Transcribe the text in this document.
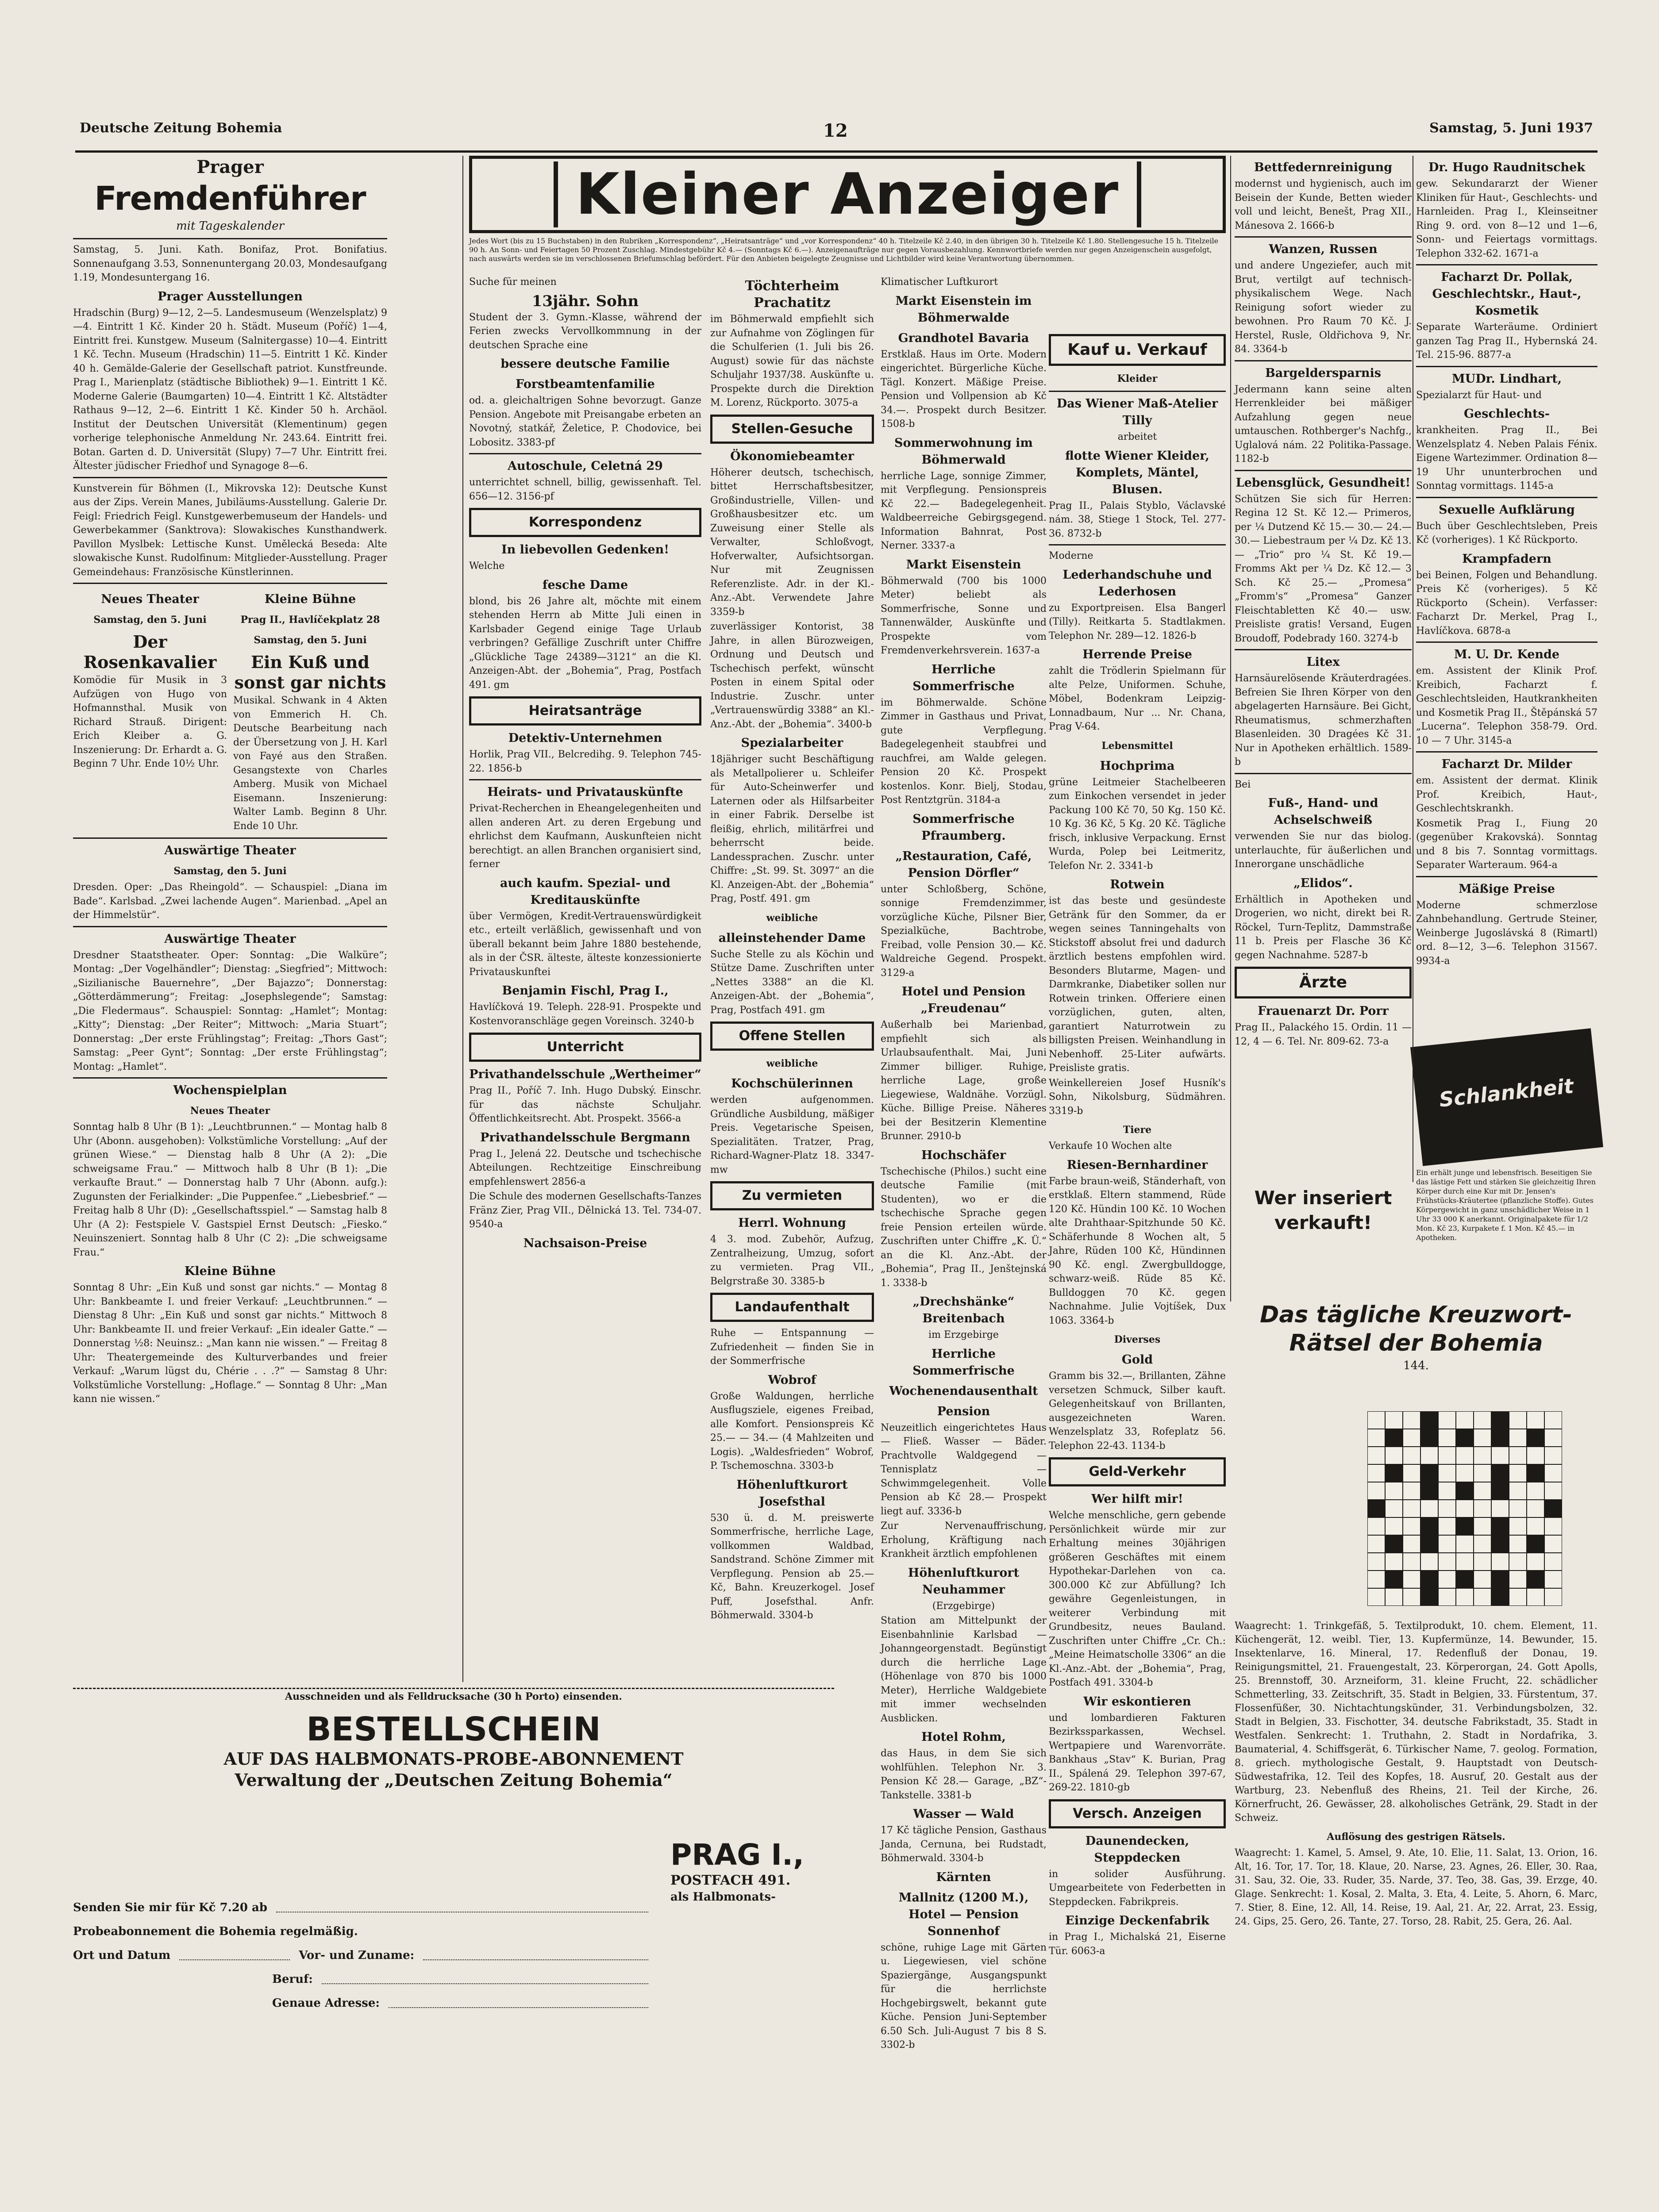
Deutsche Zeitung Bohemia	12	Samstag, 5. Juni 1937
Prager
Fremdenführer
mit Tageskalender

Samstag, 5. Juni. Kath. Bonifaz, Prot. Bonifatius. Sonnenaufgang 3.53, Sonnenuntergang 20.03, Mondesaufgang 1.19, Mondesuntergang 16.

Prager Ausstellungen

Hradschin (Burg) 9—12, 2—5. Landesmuseum (Wenzelsplatz) 9—4. Eintritt 1 Kč. Kinder 20 h. Städt. Museum (Poříč) 1—4, Eintritt frei. Kunstgew. Museum (Salnitergasse) 10—4. Eintritt 1 Kč. Techn. Museum (Hradschin) 11—5. Eintritt 1 Kč. Kinder 40 h. Gemälde-Galerie der Gesellschaft patriot. Kunstfreunde. Prag I., Marienplatz (städtische Bibliothek) 9—1. Eintritt 1 Kč. Moderne Galerie (Baumgarten) 10—4. Eintritt 1 Kč. Altstädter Rathaus 9—12, 2—6. Eintritt 1 Kč. Kinder 50 h. Archäol. Institut der Deutschen Universität (Klementinum) gegen vorherige telephonische Anmeldung Nr. 243.64. Eintritt frei. Botan. Garten d. D. Universität (Slupy) 7—7 Uhr. Eintritt frei. Ältester jüdischer Friedhof und Synagoge 8—6.

Kunstverein für Böhmen (I., Mikrovska 12): Deutsche Kunst aus der Zips. Verein Manes, Jubiläums-Ausstellung. Galerie Dr. Feigl: Friedrich Feigl. Kunstgewerbemuseum der Handels- und Gewerbekammer (Sanktrova): Slowakisches Kunsthandwerk. Pavillon Myslbek: Lettische Kunst. Umělecká Beseda: Alte slowakische Kunst. Rudolfinum: Mitglieder-Ausstellung. Prager Gemeindehaus: Französische Künstlerinnen.

Neues Theater
Samstag, den 5. Juni
Der Rosenkavalier

Komödie für Musik in 3 Aufzügen von Hugo von Hofmannsthal. Musik von Richard Strauß. Dirigent: Erich Kleiber a. G. Inszenierung: Dr. Erhardt a. G. Beginn 7 Uhr. Ende 10½ Uhr.

Kleine Bühne
Prag II., Havlíčekplatz 28
Samstag, den 5. Juni
Ein Kuß und sonst gar nichts

Musikal. Schwank in 4 Akten von Emmerich H. Ch. Deutsche Bearbeitung nach der Übersetzung von J. H. Karl von Fayé aus den Straßen. Gesangstexte von Charles Amberg. Musik von Michael Eisemann. Inszenierung: Walter Lamb. Beginn 8 Uhr. Ende 10 Uhr.

Auswärtige Theater
Samstag, den 5. Juni

Dresden. Oper: „Das Rheingold“. — Schauspiel: „Diana im Bade“. Karlsbad. „Zwei lachende Augen“. Marienbad. „Apel an der Himmelstür“.

Auswärtige Theater

Dresdner Staatstheater. Oper: Sonntag: „Die Walküre“; Montag: „Der Vogelhändler“; Dienstag: „Siegfried“; Mittwoch: „Sizilianische Bauernehre“, „Der Bajazzo“; Donnerstag: „Götterdämmerung“; Freitag: „Josephslegende“; Samstag: „Die Fledermaus“. Schauspiel: Sonntag: „Hamlet“; Montag: „Kitty“; Dienstag: „Der Reiter“; Mittwoch: „Maria Stuart“; Donnerstag: „Der erste Frühlingstag“; Freitag: „Thors Gast“; Samstag: „Peer Gynt“; Sonntag: „Der erste Frühlingstag“; Montag: „Hamlet“.

Wochenspielplan
Neues Theater

Sonntag halb 8 Uhr (B 1): „Leuchtbrunnen.“ — Montag halb 8 Uhr (Abonn. ausgehoben): Volkstümliche Vorstellung: „Auf der grünen Wiese.“ — Dienstag halb 8 Uhr (A 2): „Die schweigsame Frau.“ — Mittwoch halb 8 Uhr (B 1): „Die verkaufte Braut.“ — Donnerstag halb 7 Uhr (Abonn. aufg.): Zugunsten der Ferialkinder: „Die Puppenfee.“ „Liebesbrief.“ — Freitag halb 8 Uhr (D): „Gesellschaftsspiel.“ — Samstag halb 8 Uhr (A 2): Festspiele V. Gastspiel Ernst Deutsch: „Fiesko.“ Neuinszeniert. Sonntag halb 8 Uhr (C 2): „Die schweigsame Frau.“

Kleine Bühne

Sonntag 8 Uhr: „Ein Kuß und sonst gar nichts.“ — Montag 8 Uhr: Bankbeamte I. und freier Verkauf: „Leuchtbrunnen.“ — Dienstag 8 Uhr: „Ein Kuß und sonst gar nichts.“ Mittwoch 8 Uhr: Bankbeamte II. und freier Verkauf: „Ein idealer Gatte.“ — Donnerstag ½8: Neuinsz.: „Man kann nie wissen.“ — Freitag 8 Uhr: Theatergemeinde des Kulturverbandes und freier Verkauf: „Warum lügst du, Chérie . . .?“ — Samstag 8 Uhr: Volkstümliche Vorstellung: „Hoflage.“ — Sonntag 8 Uhr: „Man kann nie wissen.“

Kleiner Anzeiger
Jedes Wort (bis zu 15 Buchstaben) in den Rubriken „Korrespondenz“, „Heiratsanträge“ und „vor Korrespondenz“ 40 h. Titelzeile Kč 2.40, in den übrigen 30 h. Titelzeile Kč 1.80. Stellengesuche 15 h. Titelzeile 90 h. An Sonn- und Feiertagen 50 Prozent Zuschlag. Mindestgebühr Kč 4.— (Sonntags Kč 6.—). Anzeigenaufträge nur gegen Vorausbezahlung. Kennwortbriefe werden nur gegen Anzeigenschein ausgefolgt, nach auswärts werden sie im verschlossenen Briefumschlag befördert. Für den Anbieten beigelegte Zeugnisse und Lichtbilder wird keine Verantwortung übernommen.

Suche für meinen

13jähr. Sohn

Student der 3. Gymn.-Klasse, während der Ferien zwecks Vervollkommnung in der deutschen Sprache eine

bessere deutsche Familie
Forstbeamtenfamilie

od. a. gleichaltrigen Sohne bevorzugt. Ganze Pension. Angebote mit Preisangabe erbeten an Novotný, statkář, Želetice, P. Chodovice, bei Lobositz. 3383-pf

Autoschule, Celetná 29

unterrichtet schnell, billig, gewissenhaft. Tel. 656—12. 3156-pf

Korrespondenz
In liebevollen Gedenken!

Welche

fesche Dame

blond, bis 26 Jahre alt, möchte mit einem stehenden Herrn ab Mitte Juli einen in Karlsbader Gegend einige Tage Urlaub verbringen? Gefällige Zuschrift unter Chiffre „Glückliche Tage 24389—3121“ an die Kl. Anzeigen-Abt. der „Bohemia“, Prag, Postfach 491. gm

Heiratsanträge
Detektiv-Unternehmen

Horlik, Prag VII., Belcredihg. 9. Telephon 745-22. 1856-b

Heirats- und Privatauskünfte

Privat-Recherchen in Eheangelegenheiten und allen anderen Art. zu deren Ergebung und ehrlichst dem Kaufmann, Auskunfteien nicht berechtigt. an allen Branchen organisiert sind, ferner

auch kaufm. Spezial- und Kreditauskünfte

über Vermögen, Kredit-Vertrauenswürdigkeit etc., erteilt verläßlich, gewissenhaft und von überall bekannt beim Jahre 1880 bestehende, als in der ČSR. älteste, älteste konzessionierte Privatauskunftei

Benjamin Fischl, Prag I.,

Havlíčková 19. Teleph. 228-91. Prospekte und Kostenvoranschläge gegen Voreinsch. 3240-b

Unterricht
Privathandelsschule „Wertheimer“

Prag II., Poříč 7. Inh. Hugo Dubský. Einschr. für das nächste Schuljahr. Öffentlichkeitsrecht. Abt. Prospekt. 3566-a

Privathandelsschule Bergmann

Prag I., Jelená 22. Deutsche und tschechische Abteilungen. Rechtzeitige Einschreibung empfehlenswert 2856-a

Die Schule des modernen Gesellschafts-Tanzes Fränz Zier, Prag VII., Dělnická 13. Tel. 734-07. 9540-a

Nachsaison-Preise
Töchterheim Prachatitz

im Böhmerwald empfiehlt sich zur Aufnahme von Zöglingen für die Schulferien (1. Juli bis 26. August) sowie für das nächste Schuljahr 1937/38. Auskünfte u. Prospekte durch die Direktion M. Lorenz, Rückporto. 3075-a

Stellen-Gesuche
Ökonomiebeamter

Höherer deutsch, tschechisch, bittet Herrschaftsbesitzer, Großindustrielle, Villen- und Großhausbesitzer etc. um Zuweisung einer Stelle als Verwalter, Schloßvogt, Hofverwalter, Aufsichtsorgan. Nur mit Zeugnissen Referenzliste. Adr. in der Kl.-Anz.-Abt. Verwendete Jahre 3359-b

zuverlässiger Kontorist, 38 Jahre, in allen Bürozweigen, Ordnung und Deutsch und Tschechisch perfekt, wünscht Posten in einem Spital oder Industrie. Zuschr. unter „Vertrauenswürdig 3388“ an Kl.-Anz.-Abt. der „Bohemia“. 3400-b

Spezialarbeiter

18jähriger sucht Beschäftigung als Metallpolierer u. Schleifer für Auto-Scheinwerfer und Laternen oder als Hilfsarbeiter in einer Fabrik. Derselbe ist fleißig, ehrlich, militärfrei und beherrscht beide. Landessprachen. Zuschr. unter Chiffre: „St. 99. St. 3097“ an die Kl. Anzeigen-Abt. der „Bohemia“ Prag, Postf. 491. gm

weibliche
alleinstehender Dame

Suche Stelle zu als Köchin und Stütze Dame. Zuschriften unter „Nettes 3388“ an die Kl. Anzeigen-Abt. der „Bohemia“, Prag, Postfach 491. gm

Offene Stellen
weibliche
Kochschülerinnen

werden aufgenommen. Gründliche Ausbildung, mäßiger Preis. Vegetarische Speisen, Spezialitäten. Tratzer, Prag, Richard-Wagner-Platz 18. 3347-mw

Zu vermieten
Herrl. Wohnung

4 3. mod. Zubehör, Aufzug, Zentralheizung, Umzug, sofort zu vermieten. Prag VII., Belgrstraße 30. 3385-b

Landaufenthalt

Ruhe — Entspannung — Zufriedenheit — finden Sie in der Sommerfrische

Wobrof

Große Waldungen, herrliche Ausflugsziele, eigenes Freibad, alle Komfort. Pensionspreis Kč 25.— — 34.— (4 Mahlzeiten und Logis). „Waldesfrieden“ Wobrof, P. Tschemoschna. 3303-b

Höhenluftkurort Josefsthal

530 ü. d. M. preiswerte Sommerfrische, herrliche Lage, vollkommen Waldbad, Sandstrand. Schöne Zimmer mit Verpflegung. Pension ab 25.— Kč, Bahn. Kreuzerkogel. Josef Puff, Josefsthal. Anfr. Böhmerwald. 3304-b

Klimatischer Luftkurort

Markt Eisenstein im Böhmerwalde
Grandhotel Bavaria

Erstklaß. Haus im Orte. Modern eingerichtet. Bürgerliche Küche. Tägl. Konzert. Mäßige Preise. Pension und Vollpension ab Kč 34.—. Prospekt durch Besitzer. 1508-b

Sommerwohnung im Böhmerwald

herrliche Lage, sonnige Zimmer, mit Verpflegung. Pensionspreis Kč 22.— Badegelegenheit. Waldbeerreiche Gebirgsgegend. Information Bahnrat, Post Nerner. 3337-a

Markt Eisenstein

Böhmerwald (700 bis 1000 Meter) beliebt als Sommerfrische, Sonne und Tannenwälder, Auskünfte und Prospekte vom Fremdenverkehrsverein. 1637-a

Herrliche Sommerfrische

im Böhmerwalde. Schöne Zimmer in Gasthaus und Privat, gute Verpflegung. Badegelegenheit staubfrei und rauchfrei, am Walde gelegen. Pension 20 Kč. Prospekt kostenlos. Konr. Bielj, Stodau, Post Rentztgrün. 3184-a

Sommerfrische Pfraumberg.
„Restauration, Café, Pension Dörfler“

unter Schloßberg, Schöne, sonnige Fremdenzimmer, vorzügliche Küche, Pilsner Bier, Spezialküche, Bachtrobe, Freibad, volle Pension 30.— Kč. Waldreiche Gegend. Prospekt. 3129-a

Hotel und Pension „Freudenau“

Außerhalb bei Marienbad, empfiehlt sich als Urlaubsaufenthalt. Mai, Juni Zimmer billiger. Ruhige, herrliche Lage, große Liegewiese, Waldnähe. Vorzügl. Küche. Billige Preise. Näheres bei der Besitzerin Klementine Brunner. 2910-b

Hochschäfer

Tschechische (Philos.) sucht eine deutsche Familie (mit Studenten), wo er die tschechische Sprache gegen freie Pension erteilen würde. Zuschriften unter Chiffre „K. Ü.“ an die Kl. Anz.-Abt. der „Bohemia“, Prag II., Jenštejnská 1. 3338-b

„Drechshänke“ Breitenbach

im Erzgebirge

Herrliche Sommerfrische
Wochenendausenthalt
Pension

Neuzeitlich eingerichtetes Haus — Fließ. Wasser — Bäder. Prachtvolle Waldgegend — Tennisplatz — Schwimmgelegenheit. Volle Pension ab Kč 28.— Prospekt liegt auf. 3336-b

Zur Nervenauffrischung, Erholung, Kräftigung nach Krankheit ärztlich empfohlenen

Höhenluftkurort Neuhammer

(Erzgebirge)

Station am Mittelpunkt der Eisenbahnlinie Karlsbad — Johanngeorgenstadt. Begünstigt durch die herrliche Lage (Höhenlage von 870 bis 1000 Meter), Herrliche Waldgebiete mit immer wechselnden Ausblicken.

Hotel Rohm,

das Haus, in dem Sie sich wohlfühlen. Telephon Nr. 3. Pension Kč 28.— Garage, „BZ“-Tankstelle. 3381-b

Wasser — Wald

17 Kč tägliche Pension, Gasthaus Janda, Cernuna, bei Rudstadt, Böhmerwald. 3304-b

Kärnten
Mallnitz (1200 M.), Hotel — Pension Sonnenhof

schöne, ruhige Lage mit Gärten u. Liegewiesen, viel schöne Spaziergänge, Ausgangspunkt für die herrlichste Hochgebirgswelt, bekannt gute Küche. Pension Juni-September 6.50 Sch. Juli-August 7 bis 8 S. 3302-b

Kauf u. Verkauf
Kleider
Das Wiener Maß-Atelier Tilly

arbeitet

flotte Wiener Kleider, Komplets, Mäntel, Blusen.

Prag II., Palais Styblo, Václavské nám. 38, Stiege 1 Stock, Tel. 277-36. 8732-b

Moderne

Lederhandschuhe und Lederhosen

zu Exportpreisen. Elsa Bangerl (Tilly). Reitkarta 5. Stadtlakmen. Telephon Nr. 289—12. 1826-b

Herrende Preise

zahlt die Trödlerin Spielmann für alte Pelze, Uniformen. Schuhe, Möbel, Bodenkram Leipzig-Lonnadbaum, Nur ... Nr. Chana, Prag V-64.

Lebensmittel
Hochprima

grüne Leitmeier Stachelbeeren zum Einkochen versendet in jeder Packung 100 Kč 70, 50 Kg. 150 Kč. 10 Kg. 36 Kč, 5 Kg. 20 Kč. Tägliche frisch, inklusive Verpackung. Ernst Wurda, Polep bei Leitmeritz, Telefon Nr. 2. 3341-b

Rotwein

ist das beste und gesündeste Getränk für den Sommer, da er wegen seines Tanningehalts von Stickstoff absolut frei und dadurch ärztlich bestens empfohlen wird. Besonders Blutarme, Magen- und Darmkranke, Diabetiker sollen nur Rotwein trinken. Offeriere einen vorzüglichen, guten, alten, garantiert Naturrotwein zu billigsten Preisen. Weinhandlung in Nebenhoff. 25-Liter aufwärts. Preisliste gratis.

Weinkellereien Josef Husník's Sohn, Nikolsburg, Südmähren. 3319-b

Tiere

Verkaufe 10 Wochen alte

Riesen-Bernhardiner

Farbe braun-weiß, Ständerhaft, von erstklaß. Eltern stammend, Rüde 120 Kč. Hündin 100 Kč. 10 Wochen alte Drahthaar-Spitzhunde 50 Kč. Schäferhunde 8 Wochen alt, 5 Jahre, Rüden 100 Kč, Hündinnen 90 Kč. engl. Zwergbulldogge, schwarz-weiß. Rüde 85 Kč. Bulldoggen 70 Kč. gegen Nachnahme. Julie Vojtíšek, Dux 1063. 3364-b

Diverses
Gold

Gramm bis 32.—, Brillanten, Zähne versetzen Schmuck, Silber kauft. Gelegenheitskauf von Brillanten, ausgezeichneten Waren. Wenzelsplatz 33, Rofeplatz 56. Telephon 22-43. 1134-b

Geld-Verkehr
Wer hilft mir!

Welche menschliche, gern gebende Persönlichkeit würde mir zur Erhaltung meines 30jährigen größeren Geschäftes mit einem Hypothekar-Darlehen von ca. 300.000 Kč zur Abfüllung? Ich gewähre Gegenleistungen, in weiterer Verbindung mit Grundbesitz, neues Bauland. Zuschriften unter Chiffre „Cr. Ch.: „Meine Heimatscholle 3306“ an die Kl.-Anz.-Abt. der „Bohemia“, Prag, Postfach 491. 3304-b

Wir eskontieren

und lombardieren Fakturen Bezirkssparkassen, Wechsel. Wertpapiere und Warenvorräte. Bankhaus „Stav“ K. Burian, Prag II., Spálená 29. Telephon 397-67, 269-22. 1810-gb

Versch. Anzeigen
Daunendecken, Steppdecken

in solider Ausführung. Umgearbeitete von Federbetten in Steppdecken. Fabrikpreis.

Einzige Deckenfabrik

in Prag I., Michalská 21, Eiserne Tür. 6063-a

Bettfedernreinigung

modernst und hygienisch, auch im Beisein der Kunde, Betten wieder voll und leicht, Benešt, Prag XII., Mánesova 2. 1666-b

Wanzen, Russen

und andere Ungeziefer, auch mit Brut, vertilgt auf technisch-physikalischem Wege. Nach Reinigung sofort wieder zu bewohnen. Pro Raum 70 Kč. J. Herstel, Rusle, Oldřichova 9, Nr. 84. 3364-b

Bargeldersparnis

Jedermann kann seine alten Herrenkleider bei mäßiger Aufzahlung gegen neue umtauschen. Rothberger's Nachfg., Uglalová nám. 22 Politika-Passage. 1182-b

Lebensglück, Gesundheit!

Schützen Sie sich für Herren: Regina 12 St. Kč 12.— Primeros, per ¼ Dutzend Kč 15.— 30.— 24.— 30.— Liebestraum per ¼ Dz. Kč 13.— „Trio“ pro ¼ St. Kč 19.— Fromms Akt per ¼ Dz. Kč 12.— 3 Sch. Kč 25.— „Promesa“ „Fromm's“ „Promesa“ Ganzer Fleischtabletten Kč 40.— usw. Preisliste gratis! Versand, Eugen Broudoff, Podebrady 160. 3274-b

Litex

Harnsäurelösende Kräuterdragées. Befreien Sie Ihren Körper von den abgelagerten Harnsäure. Bei Gicht, Rheumatismus, schmerzhaften Blasenleiden. 30 Dragées Kč 31. Nur in Apotheken erhältlich. 1589-b

Bei

Fuß-, Hand- und Achselschweiß

verwenden Sie nur das biolog. unterlauchte, für äußerlichen und Innerorgane unschädliche

„Elidos“.

Erhältlich in Apotheken und Drogerien, wo nicht, direkt bei R. Röckel, Turn-Teplitz, Dammstraße 11 b. Preis per Flasche 36 Kč gegen Nachnahme. 5287-b

Ärzte
Frauenarzt Dr. Porr

Prag II., Palackého 15. Ordin. 11 — 12, 4 — 6. Tel. Nr. 809-62. 73-a

Wer inseriert
verkauft!
Dr. Hugo Raudnitschek

gew. Sekundararzt der Wiener Kliniken für Haut-, Geschlechts- und Harnleiden. Prag I., Kleinseitner Ring 9. ord. von 8—12 und 1—6, Sonn- und Feiertags vormittags. Telephon 332-62. 1671-a

Facharzt Dr. Pollak, Geschlechtskr., Haut-, Kosmetik

Separate Warteräume. Ordiniert ganzen Tag Prag II., Hybernská 24. Tel. 215-96. 8877-a

MUDr. Lindhart,

Spezialarzt für Haut- und

Geschlechts-

krankheiten. Prag II., Bei Wenzelsplatz 4. Neben Palais Fénix. Eigene Wartezimmer. Ordination 8—19 Uhr ununterbrochen und Sonntag vormittags. 1145-a

Sexuelle Aufklärung

Buch über Geschlechtsleben, Preis Kč (vorheriges). 1 Kč Rückporto.

Krampfadern

bei Beinen, Folgen und Behandlung. Preis Kč (vorheriges). 5 Kč Rückporto (Schein). Verfasser: Facharzt Dr. Merkel, Prag I., Havlíčkova. 6878-a

M. U. Dr. Kende

em. Assistent der Klinik Prof. Kreibich, Facharzt f. Geschlechtsleiden, Hautkrankheiten und Kosmetik Prag II., Štěpánská 57 „Lucerna“. Telephon 358-79. Ord. 10 — 7 Uhr. 3145-a

Facharzt Dr. Milder

em. Assistent der dermat. Klinik Prof. Kreibich, Haut-, Geschlechtskrankh.

Kosmetik Prag I., Fiung 20 (gegenüber Krakovská). Sonntag und 8 bis 7. Sonntag vormittags. Separater Warteraum. 964-a

Mäßige Preise

Moderne schmerzlose Zahnbehandlung. Gertrude Steiner, Weinberge Jugoslávská 8 (Rimartl) ord. 8—12, 3—6. Telephon 31567. 9934-a

Schlankheit
Ein erhält junge und lebensfrisch. Beseitigen Sie das lästige Fett und stärken Sie gleichzeitig Ihren Körper durch eine Kur mit Dr. Jensen's Frühstücks-Kräutertee (pflanzliche Stoffe). Gutes Körpergewicht in ganz unschädlicher Weise in 1 Uhr 33 000 K anerkannt. Originalpakete für 1/2 Mon. Kč 23, Kurpakete f. 1 Mon. Kč 45.— in Apotheken.
Das tägliche Kreuzwort-
Rätsel der Bohemia
144.

Waagrecht: 1. Trinkgefäß, 5. Textilprodukt, 10. chem. Element, 11. Küchengerät, 12. weibl. Tier, 13. Kupfermünze, 14. Bewunder, 15. Insektenlarve, 16. Mineral, 17. Redenfluß der Donau, 19. Reinigungsmittel, 21. Frauengestalt, 23. Körperorgan, 24. Gott Apolls, 25. Brennstoff, 30. Arzneiform, 31. kleine Frucht, 22. schädlicher Schmetterling, 33. Zeitschrift, 35. Stadt in Belgien, 33. Fürstentum, 37. Flossenfüßer, 30. Nichtachtungskünder, 31. Verbindungsbolzen, 32. Stadt in Belgien, 33. Fischotter, 34. deutsche Fabrikstadt, 35. Stadt in Westfalen. Senkrecht: 1. Truthahn, 2. Stadt in Nordafrika, 3. Baumaterial, 4. Schiffsgerät, 6. Türkischer Name, 7. geolog. Formation, 8. griech. mythologische Gestalt, 9. Hauptstadt von Deutsch-Südwestafrika, 12. Teil des Kopfes, 18. Ausruf, 20. Gestalt aus der Wartburg, 23. Nebenfluß des Rheins, 21. Teil der Kirche, 26. Körnerfrucht, 26. Gewässer, 28. alkoholisches Getränk, 29. Stadt in der Schweiz.

Auflösung des gestrigen Rätsels.

Waagrecht: 1. Kamel, 5. Amsel, 9. Ate, 10. Elie, 11. Salat, 13. Orion, 16. Alt, 16. Tor, 17. Tor, 18. Klaue, 20. Narse, 23. Agnes, 26. Eller, 30. Raa, 31. Sau, 32. Oie, 33. Ruder, 35. Narde, 37. Teo, 38. Gas, 39. Erzge, 40. Glage. Senkrecht: 1. Kosal, 2. Malta, 3. Eta, 4. Leite, 5. Ahorn, 6. Marc, 7. Stier, 8. Eine, 12. All, 14. Reise, 19. Aal, 21. Ar, 22. Arrat, 23. Essig, 24. Gips, 25. Gero, 26. Tante, 27. Torso, 28. Rabit, 25. Gera, 26. Aal.

Ausschneiden und als Felldrucksache (30 h Porto) einsenden.
BESTELLSCHEIN
AUF DAS HALBMONATS-PROBE-ABONNEMENT
Verwaltung der „Deutschen Zeitung Bohemia“
PRAG I.,
POSTFACH 491.
als Halbmonats-
Senden Sie mir für Kč 7.20 ab
Probeabonnement die Bohemia regelmäßig.
Ort und Datum	Vor- und Zuname:
Beruf:
Genaue Adresse:
